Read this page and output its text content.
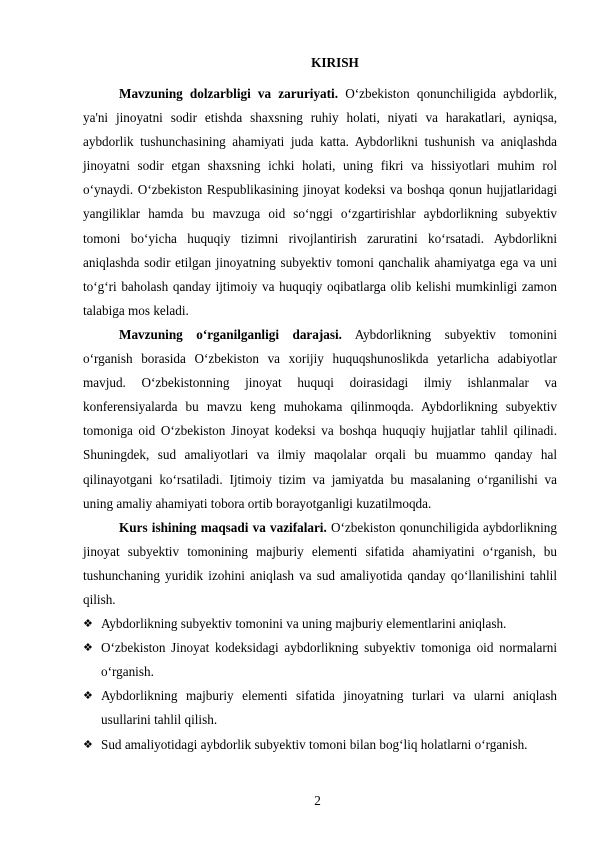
KIRISH

Mavzuning dolzarbligi va zaruriyati. O‘zbekiston qonunchiligida aybdorlik, ya'ni jinoyatni sodir etishda shaxsning ruhiy holati, niyati va harakatlari, ayniqsa, aybdorlik tushunchasining ahamiyati juda katta. Aybdorlikni tushunish va aniqlashda jinoyatni sodir etgan shaxsning ichki holati, uning fikri va hissiyotlari muhim rol o‘ynaydi. O‘zbekiston Respublikasining jinoyat kodeksi va boshqa qonun hujjatlaridagi yangiliklar hamda bu mavzuga oid so‘nggi o‘zgartirishlar aybdorlikning subyektiv tomoni bo‘yicha huquqiy tizimni rivojlantirish zaruratini ko‘rsatadi. Aybdorlikni aniqlashda sodir etilgan jinoyatning subyektiv tomoni qanchalik ahamiyatga ega va uni to‘g‘ri baholash qanday ijtimoiy va huquqiy oqibatlarga olib kelishi mumkinligi zamon talabiga mos keladi.

Mavzuning o‘rganilganligi darajasi. Aybdorlikning subyektiv tomonini o‘rganish borasida O‘zbekiston va xorijiy huquqshunoslikda yetarlicha adabiyotlar mavjud. O‘zbekistonning jinoyat huquqi doirasidagi ilmiy ishlanmalar va konferensiyalarda bu mavzu keng muhokama qilinmoqda. Aybdorlikning subyektiv tomoniga oid O‘zbekiston Jinoyat kodeksi va boshqa huquqiy hujjatlar tahlil qilinadi. Shuningdek, sud amaliyotlari va ilmiy maqolalar orqali bu muammo qanday hal qilinayotgani ko‘rsatiladi. Ijtimoiy tizim va jamiyatda bu masalaning o‘rganilishi va uning amaliy ahamiyati tobora ortib borayotganligi kuzatilmoqda.

Kurs ishining maqsadi va vazifalari. O‘zbekiston qonunchiligida aybdorlikning jinoyat subyektiv tomonining majburiy elementi sifatida ahamiyatini o‘rganish, bu tushunchaning yuridik izohini aniqlash va sud amaliyotida qanday qo‘llanilishini tahlil qilish.

❖ Aybdorlikning subyektiv tomonini va uning majburiy elementlarini aniqlash.
❖ O‘zbekiston Jinoyat kodeksidagi aybdorlikning subyektiv tomoniga oid normalarni o‘rganish.
❖ Aybdorlikning majburiy elementi sifatida jinoyatning turlari va ularni aniqlash usullarini tahlil qilish.
❖ Sud amaliyotidagi aybdorlik subyektiv tomoni bilan bog‘liq holatlarni o‘rganish.
2
